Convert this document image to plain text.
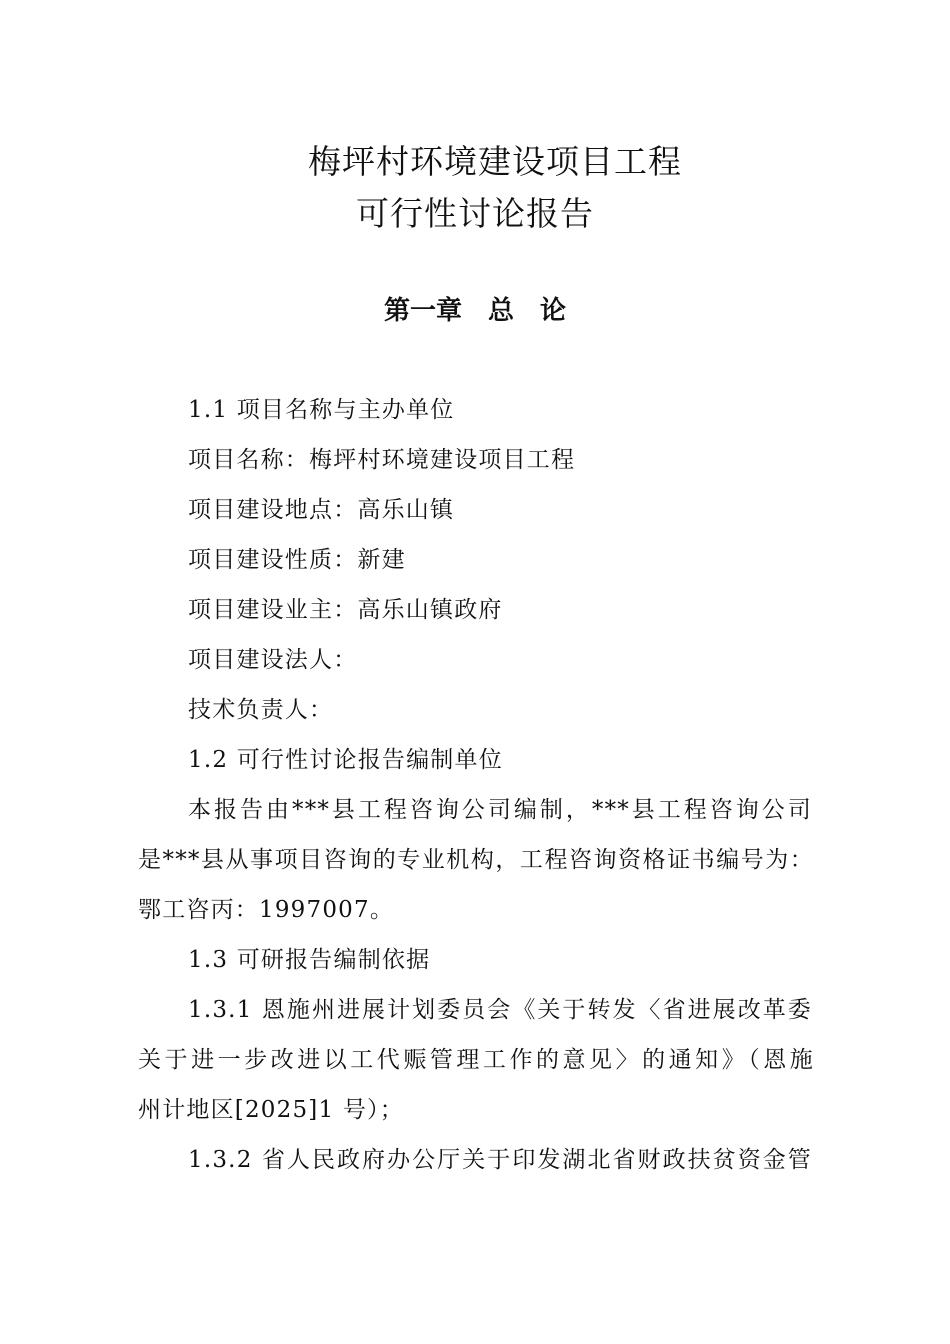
梅坪村环境建设项目工程
可行性讨论报告
第一章　总　论
1.1 项目名称与主办单位
项目名称：梅坪村环境建设项目工程
项目建设地点：高乐山镇
项目建设性质：新建
项目建设业主：高乐山镇政府
项目建设法人：
技术负责人：
1.2 可行性讨论报告编制单位
本报告由***县工程咨询公司编制，***县工程咨询公司
是***县从事项目咨询的专业机构，工程咨询资格证书编号为：
鄂工咨丙：1997007。
1.3 可研报告编制依据
1.3.1 恩施州进展计划委员会《关于转发〈省进展改革委
关于进一步改进以工代赈管理工作的意见〉的通知》（恩施
州计地区[2025]1 号）；
1.3.2 省人民政府办公厅关于印发湖北省财政扶贫资金管
